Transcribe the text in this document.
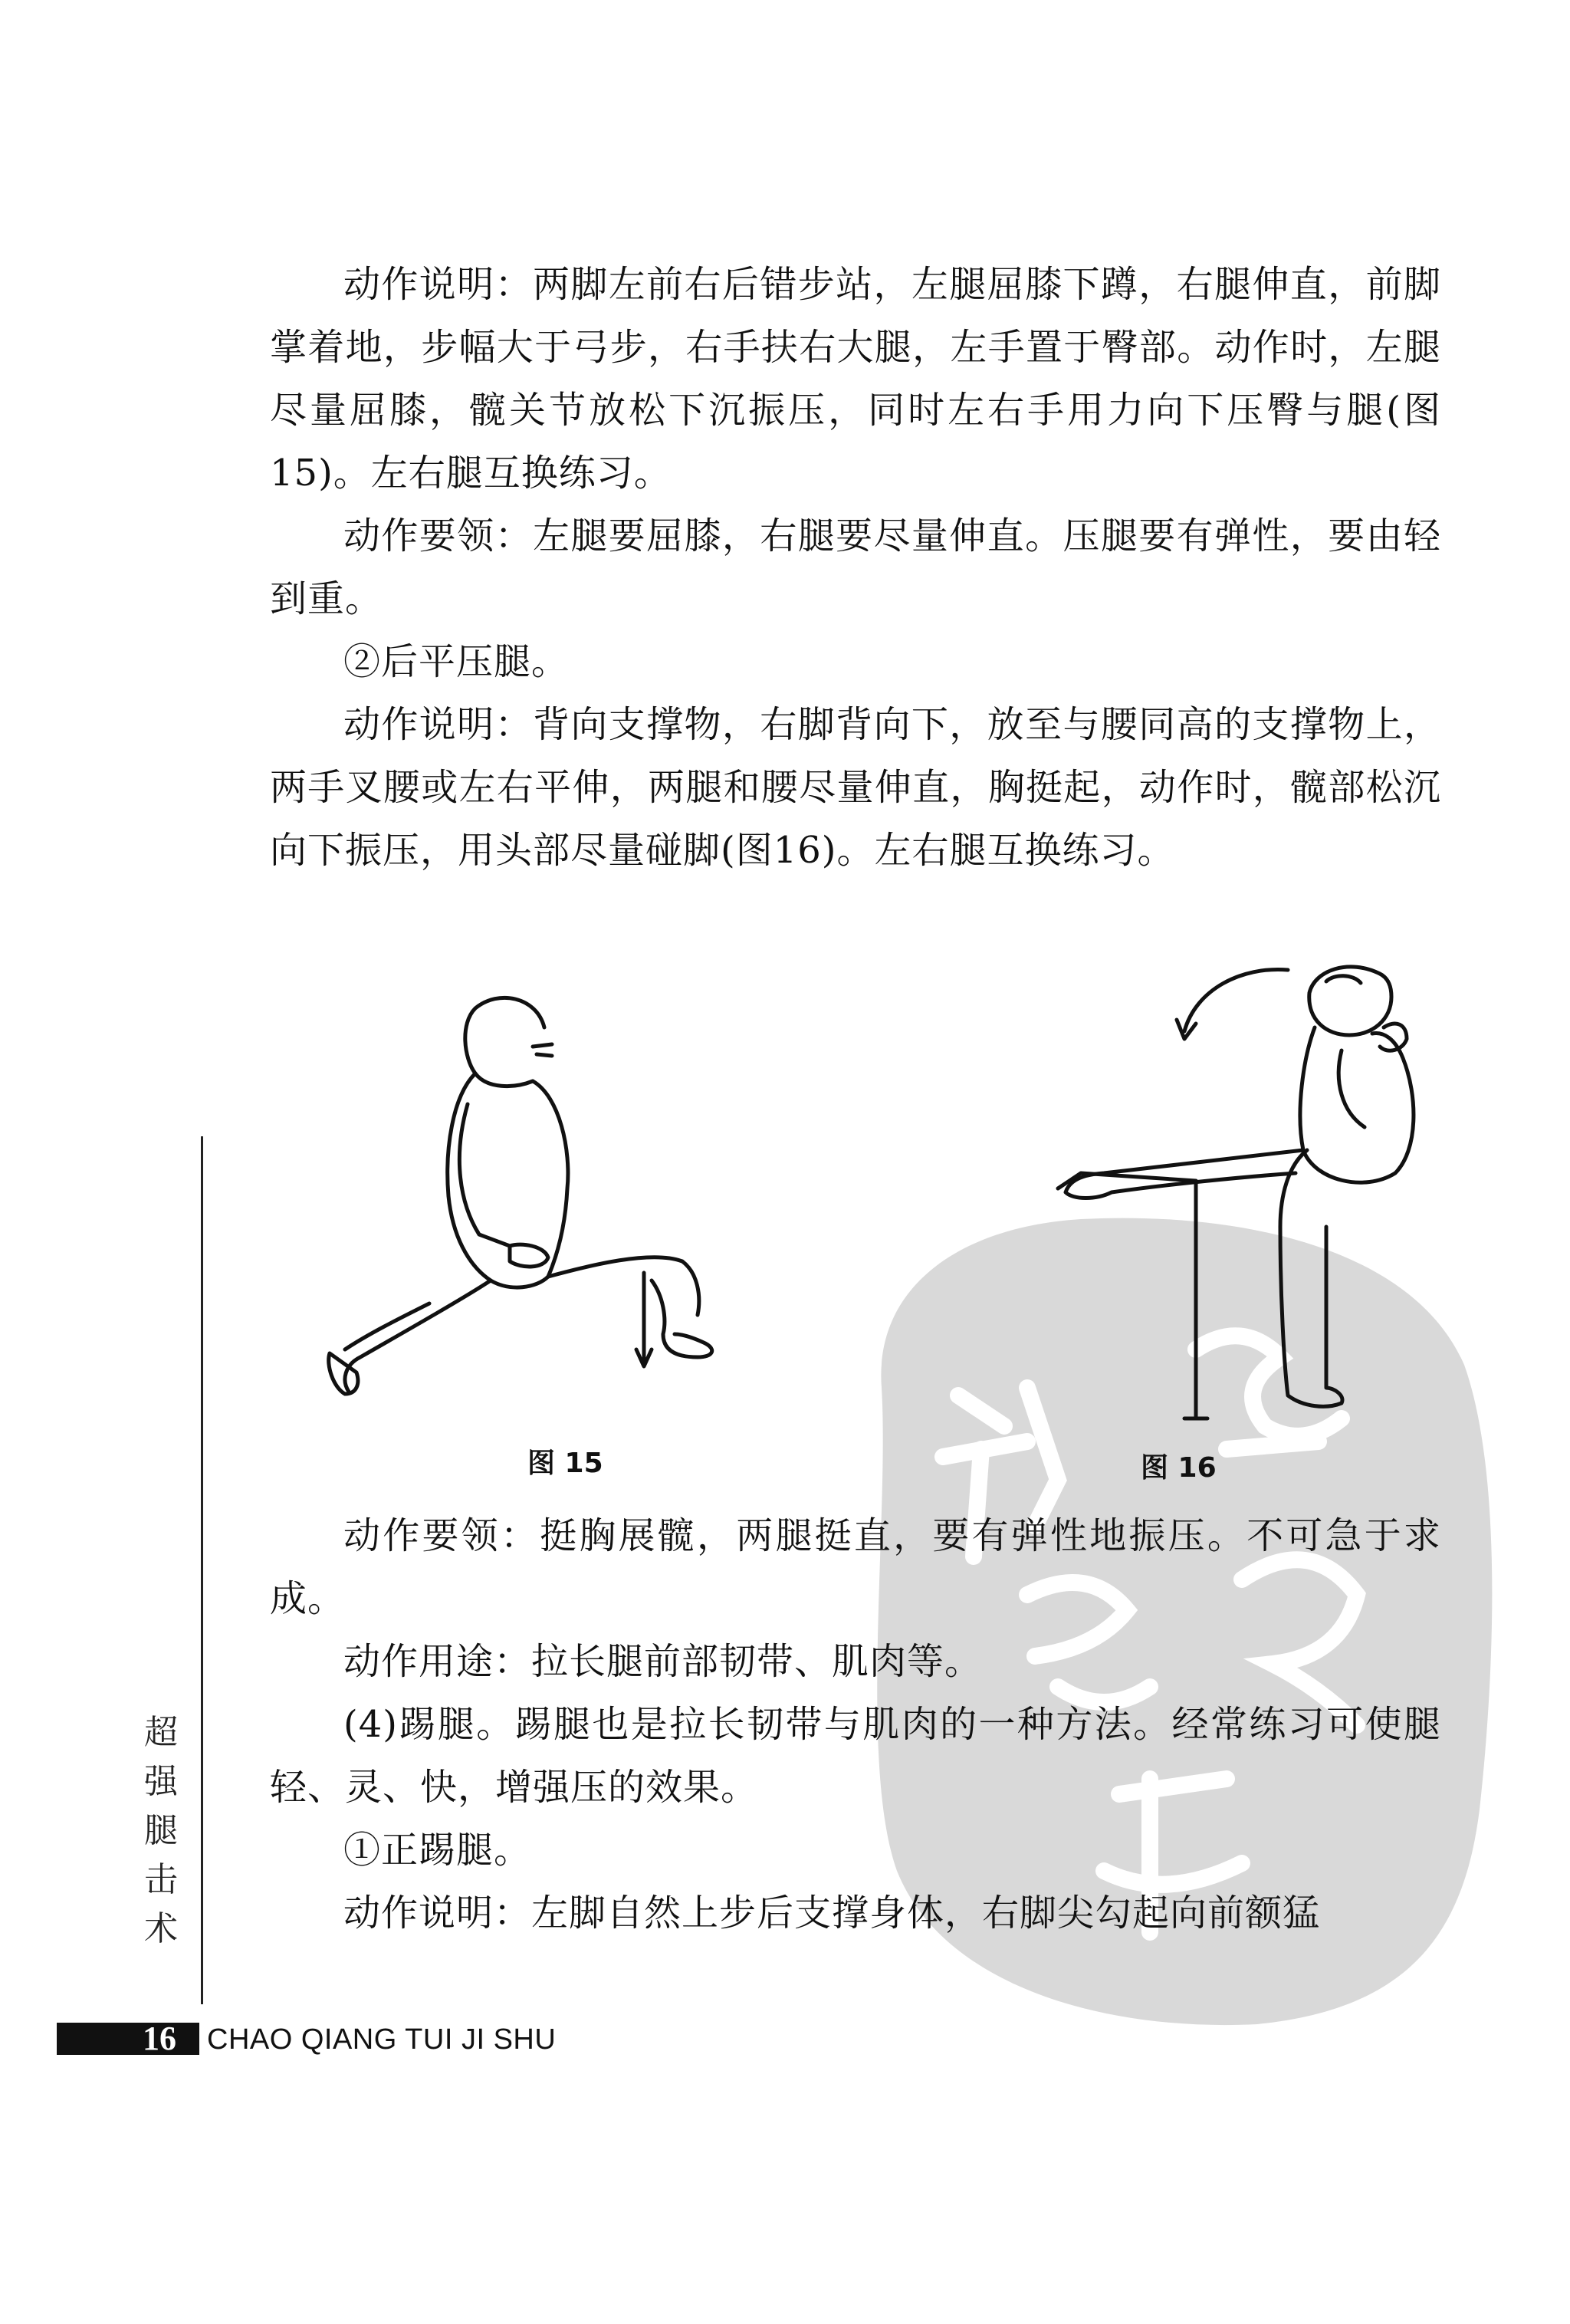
动作说明：两脚左前右后错步站，左腿屈膝下蹲，右腿伸直，前脚掌着地，步幅大于弓步，右手扶右大腿，左手置于臀部。动作时，左腿尽量屈膝，髋关节放松下沉振压，同时左右手用力向下压臀与腿(图15)。左右腿互换练习。

动作要领：左腿要屈膝，右腿要尽量伸直。压腿要有弹性，要由轻到重。

②后平压腿。

动作说明：背向支撑物，右脚背向下，放至与腰同高的支撑物上，两手叉腰或左右平伸，两腿和腰尽量伸直，胸挺起，动作时，髋部松沉向下振压，用头部尽量碰脚(图16)。左右腿互换练习。

图 15	图 16

动作要领：挺胸展髋，两腿挺直，要有弹性地振压。不可急于求成。

动作用途：拉长腿前部韧带、肌肉等。

(4)踢腿。踢腿也是拉长韧带与肌肉的一种方法。经常练习可使腿轻、灵、快，增强压的效果。

①正踢腿。

动作说明：左脚自然上步后支撑身体，右脚尖勾起向前额猛

超
强
腿
击
术
16 CHAO QIANG TUI JI SHU
